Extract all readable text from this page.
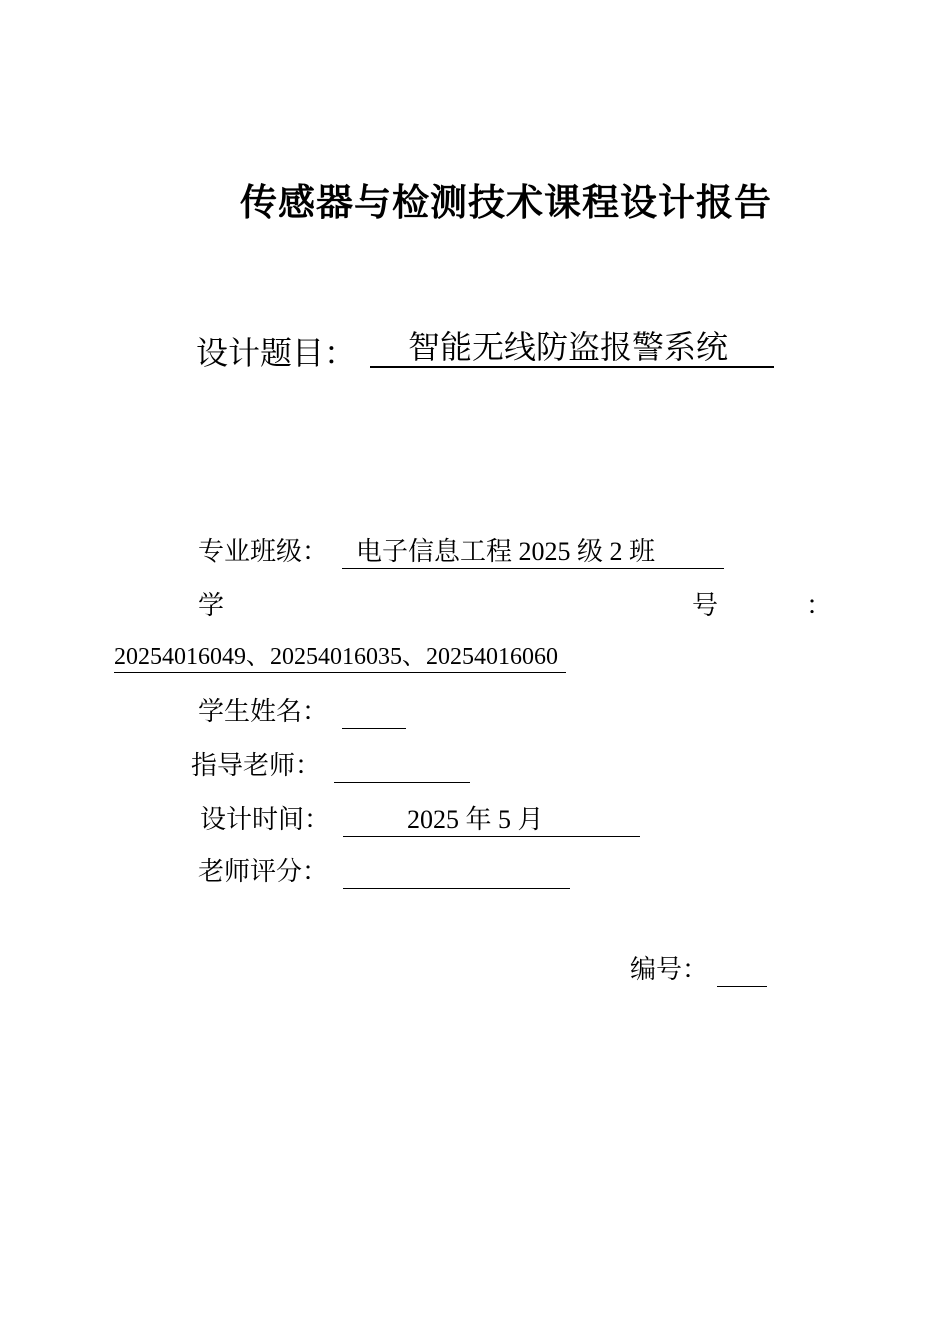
传感器与检测技术课程设计报告
设计题目：	智能无线防盗报警系统
专业班级：	电子信息工程 2025 级 2 班
学	号	：
20254016049、20254016035、20254016060
学生姓名：
指导老师：
设计时间：	2025 年 5 月
老师评分：
编号：
